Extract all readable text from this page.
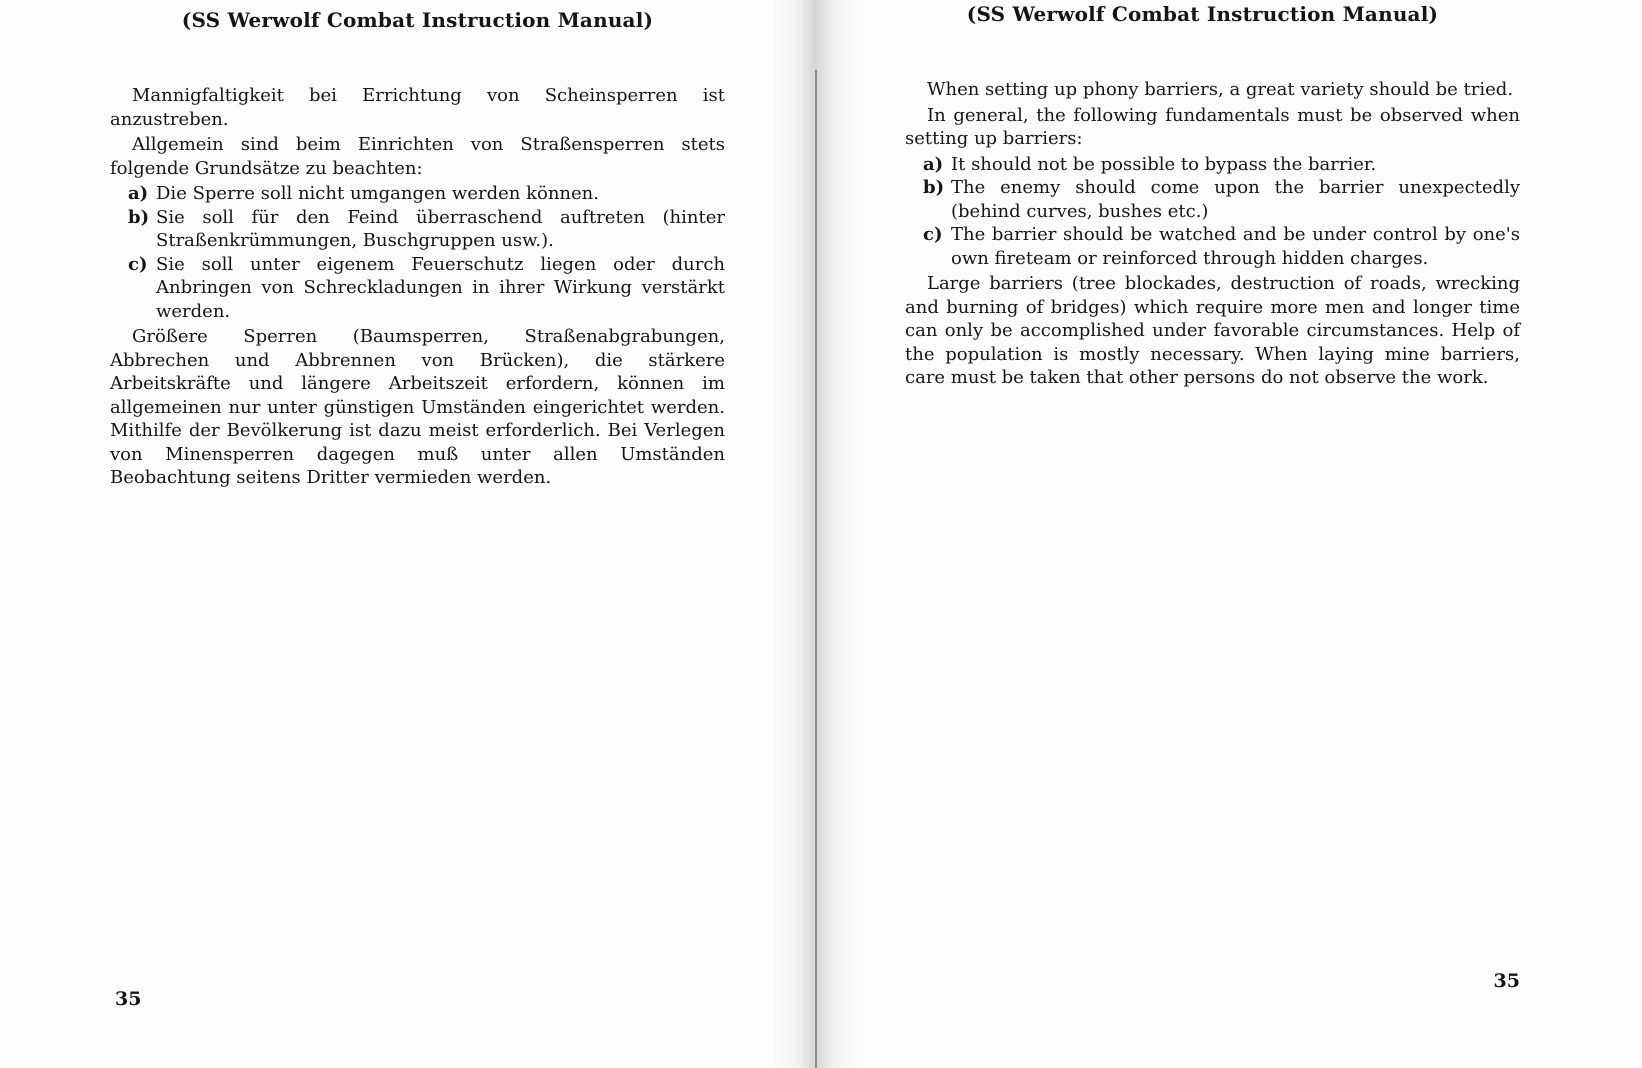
(SS Werwolf Combat Instruction Manual)

Mannigfaltigkeit bei Errichtung von Scheinsperren ist anzustreben.

Allgemein sind beim Einrichten von Straßensperren stets folgende Grundsätze zu beachten:

a) Die Sperre soll nicht umgangen werden können.
b) Sie soll für den Feind überraschend auftreten (hinter Straßenkrümmungen, Buschgruppen usw.).
c) Sie soll unter eigenem Feuerschutz liegen oder durch Anbringen von Schreckladungen in ihrer Wirkung verstärkt werden.

Größere Sperren (Baumsperren, Straßenabgrabungen, Abbrechen und Abbrennen von Brücken), die stärkere Arbeitskräfte und längere Arbeitszeit erfordern, können im allgemeinen nur unter günstigen Umständen eingerichtet werden. Mithilfe der Bevölkerung ist dazu meist erforderlich. Bei Verlegen von Minensperren dagegen muß unter allen Umständen Beobachtung seitens Dritter vermieden werden.

35
(SS Werwolf Combat Instruction Manual)

When setting up phony barriers, a great variety should be tried.

In general, the following fundamentals must be observed when setting up barriers:

a) It should not be possible to bypass the barrier.
b) The enemy should come upon the barrier unexpectedly (behind curves, bushes etc.)
c) The barrier should be watched and be under control by one's own fireteam or reinforced through hidden charges.

Large barriers (tree blockades, destruction of roads, wrecking and burning of bridges) which require more men and longer time can only be accomplished under favorable circumstances. Help of the population is mostly necessary. When laying mine barriers, care must be taken that other persons do not observe the work.

35
